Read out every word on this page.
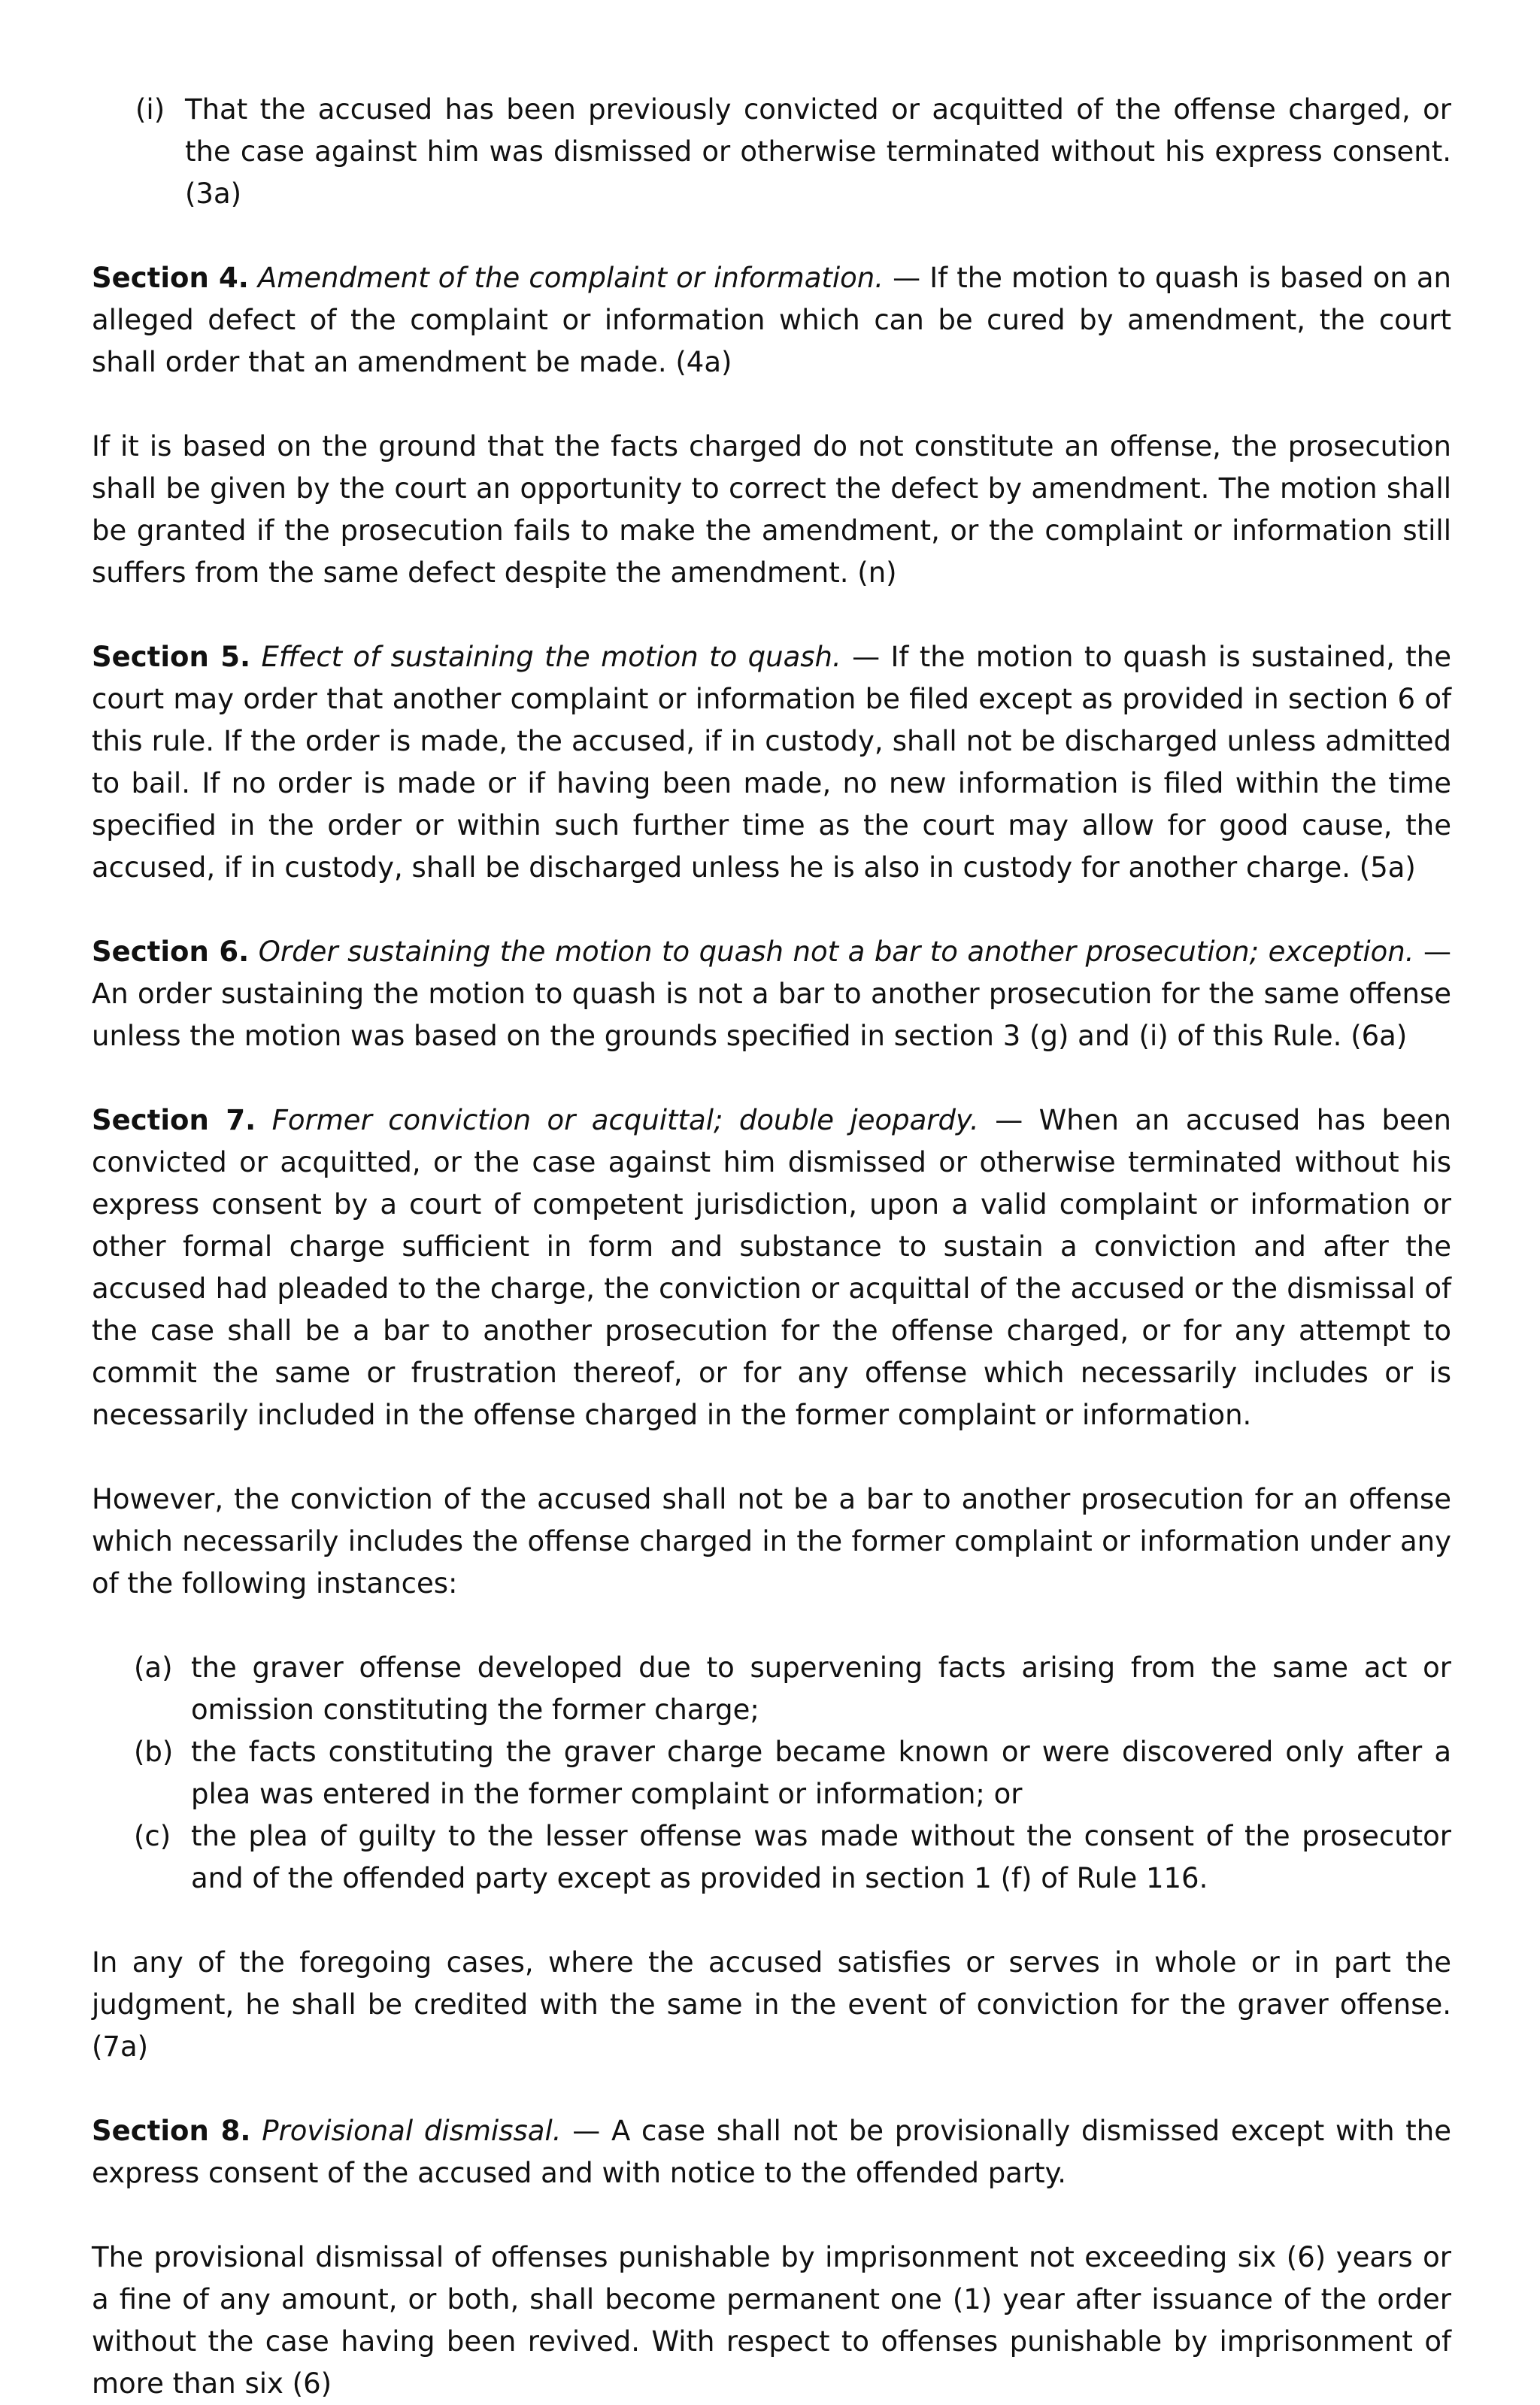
(i) That the accused has been previously convicted or acquitted of the offense charged, or the case against him was dismissed or otherwise terminated without his express consent. (3a)

Section 4. Amendment of the complaint or information. — If the motion to quash is based on an alleged defect of the complaint or information which can be cured by amendment, the court shall order that an amendment be made. (4a)

If it is based on the ground that the facts charged do not constitute an offense, the prosecution shall be given by the court an opportunity to correct the defect by amendment. The motion shall be granted if the prosecution fails to make the amendment, or the complaint or information still suffers from the same defect despite the amendment. (n)

Section 5. Effect of sustaining the motion to quash. — If the motion to quash is sustained, the court may order that another complaint or information be filed except as provided in section 6 of this rule. If the order is made, the accused, if in custody, shall not be discharged unless admitted to bail. If no order is made or if having been made, no new information is filed within the time specified in the order or within such further time as the court may allow for good cause, the accused, if in custody, shall be discharged unless he is also in custody for another charge. (5a)

Section 6. Order sustaining the motion to quash not a bar to another prosecution; exception. — An order sustaining the motion to quash is not a bar to another prosecution for the same offense unless the motion was based on the grounds specified in section 3 (g) and (i) of this Rule. (6a)

Section 7. Former conviction or acquittal; double jeopardy. — When an accused has been convicted or acquitted, or the case against him dismissed or otherwise terminated without his express consent by a court of competent jurisdiction, upon a valid complaint or information or other formal charge sufficient in form and substance to sustain a conviction and after the accused had pleaded to the charge, the conviction or acquittal of the accused or the dismissal of the case shall be a bar to another prosecution for the offense charged, or for any attempt to commit the same or frustration thereof, or for any offense which necessarily includes or is necessarily included in the offense charged in the former complaint or information.

However, the conviction of the accused shall not be a bar to another prosecution for an offense which necessarily includes the offense charged in the former complaint or information under any of the following instances:

(a) the graver offense developed due to supervening facts arising from the same act or omission constituting the former charge;
(b) the facts constituting the graver charge became known or were discovered only after a plea was entered in the former complaint or information; or
(c) the plea of guilty to the lesser offense was made without the consent of the prosecutor and of the offended party except as provided in section 1 (f) of Rule 116.

In any of the foregoing cases, where the accused satisfies or serves in whole or in part the judgment, he shall be credited with the same in the event of conviction for the graver offense. (7a)

Section 8. Provisional dismissal. — A case shall not be provisionally dismissed except with the express consent of the accused and with notice to the offended party.

The provisional dismissal of offenses punishable by imprisonment not exceeding six (6) years or a fine of any amount, or both, shall become permanent one (1) year after issuance of the order without the case having been revived. With respect to offenses punishable by imprisonment of more than six (6)
